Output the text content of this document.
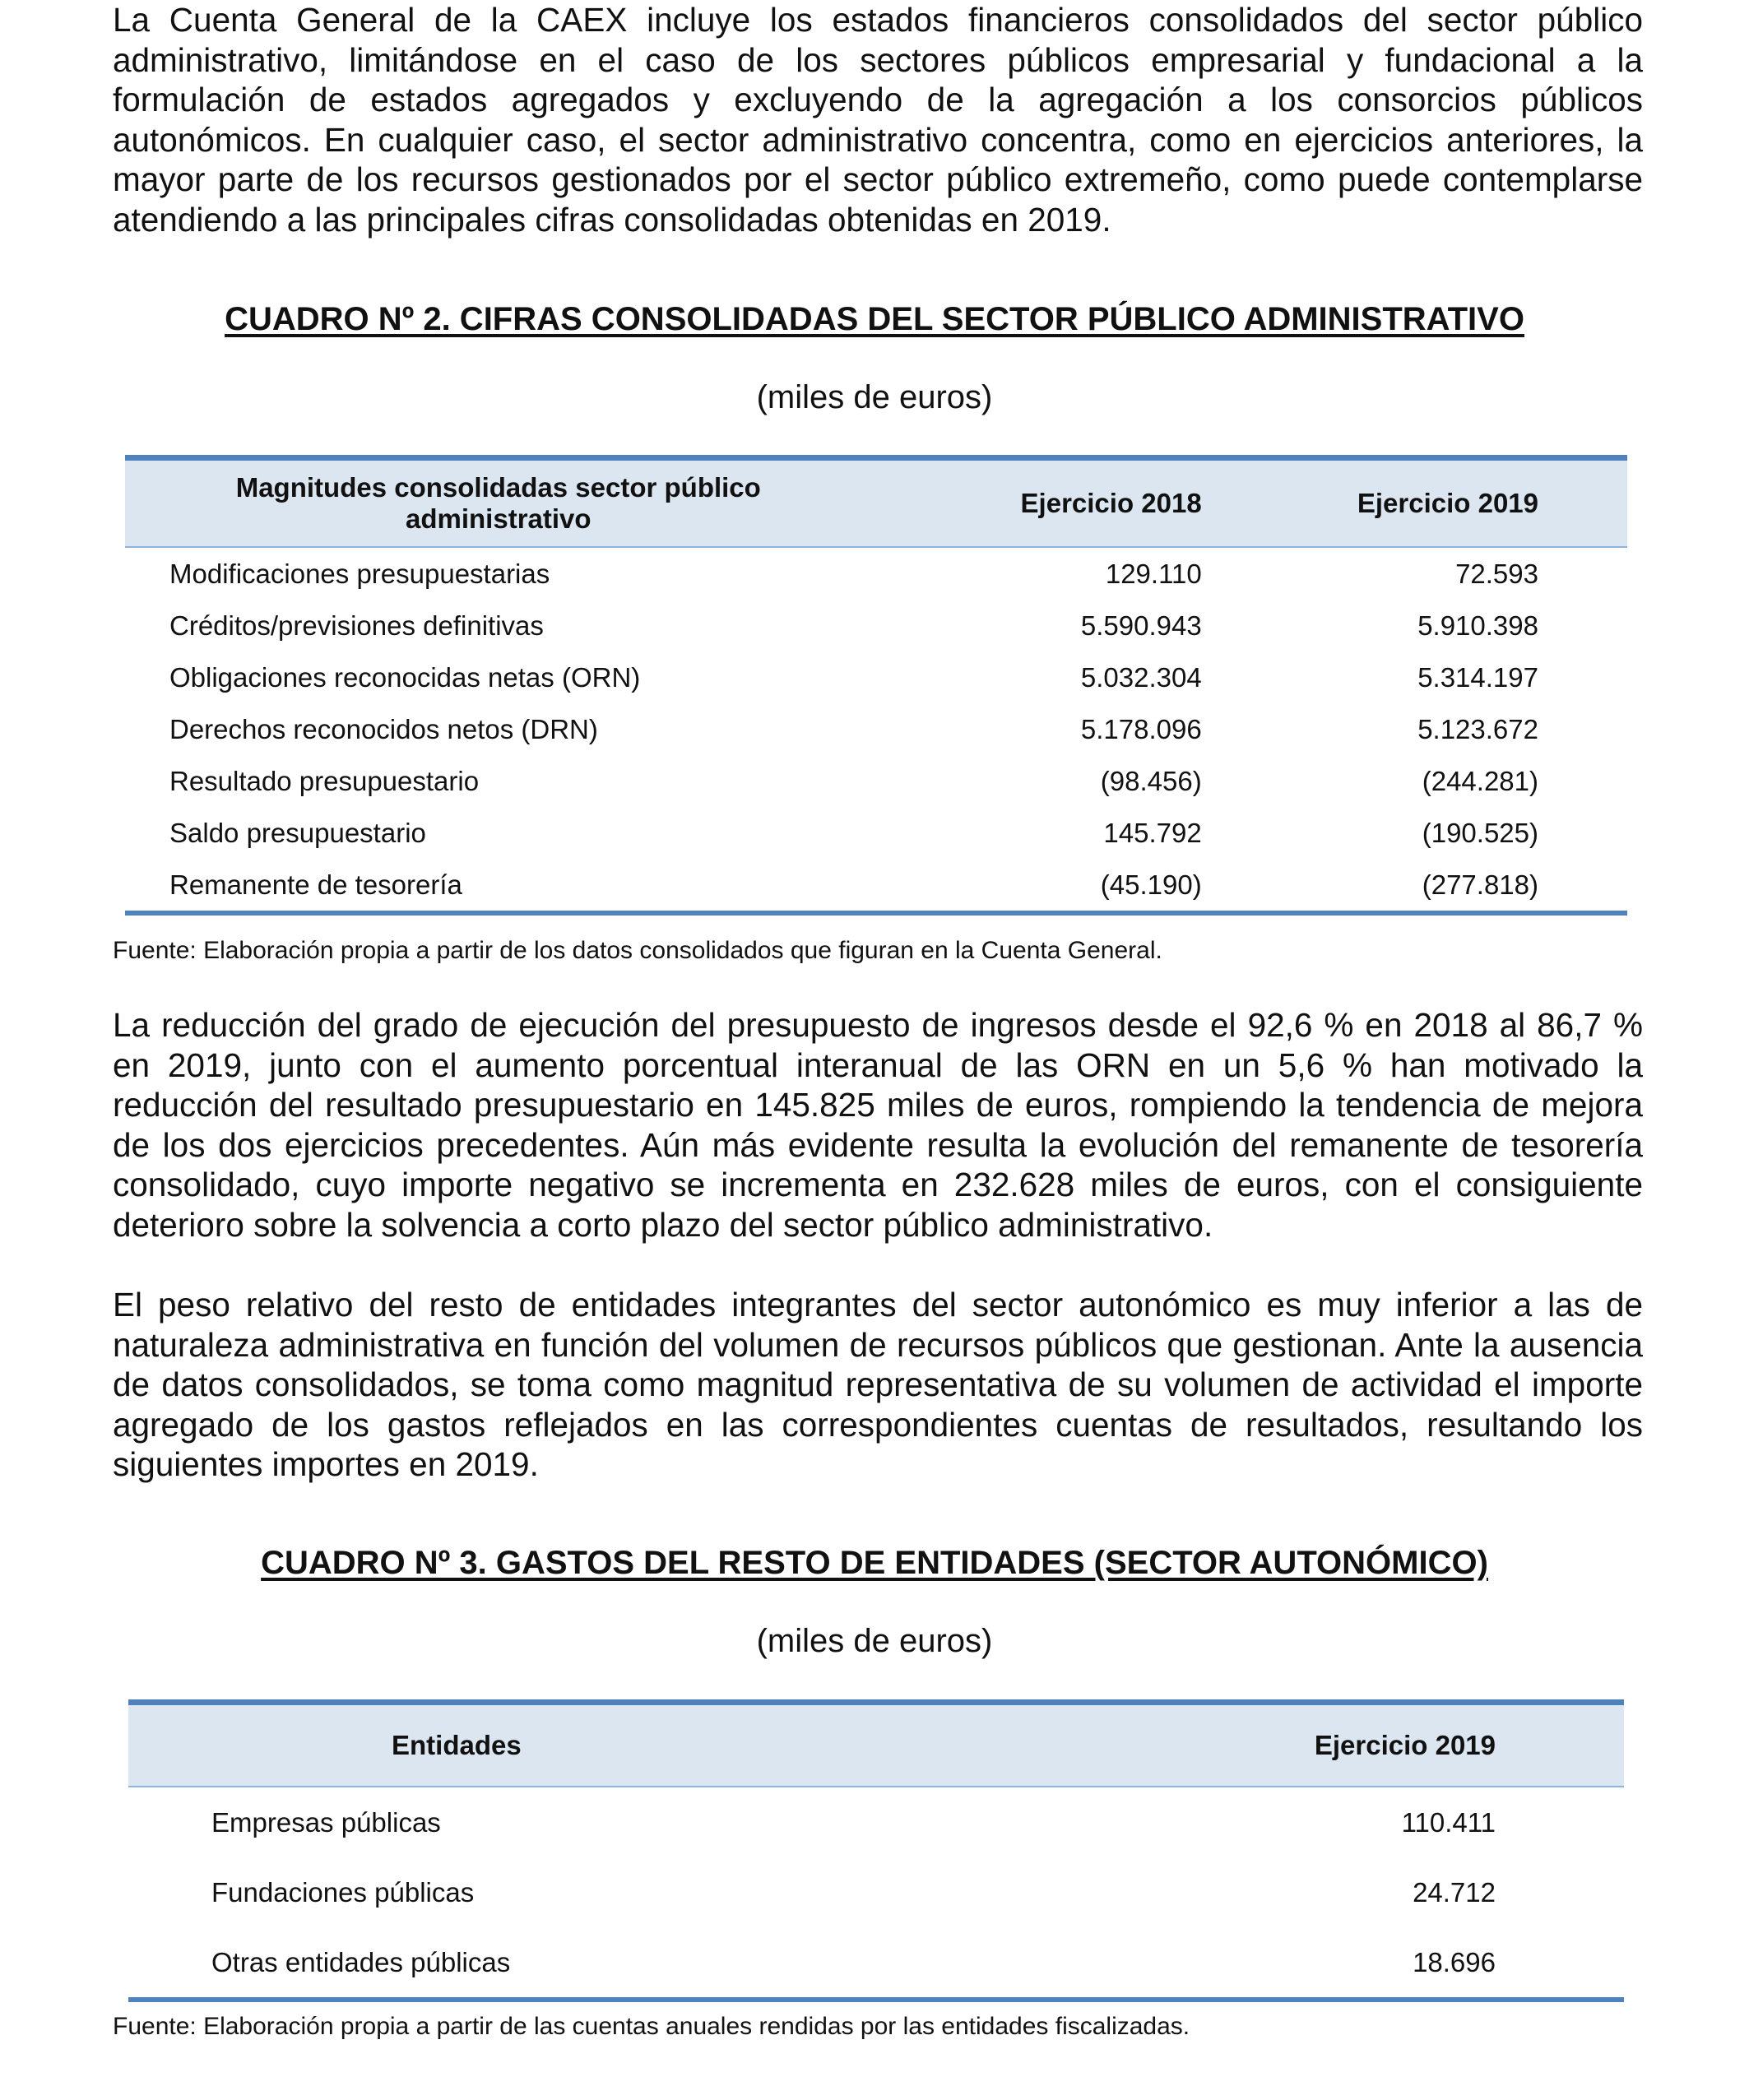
La Cuenta General de la CAEX incluye los estados financieros consolidados del sector público administrativo, limitándose en el caso de los sectores públicos empresarial y fundacional a la formulación de estados agregados y excluyendo de la agregación a los consorcios públicos autonómicos. En cualquier caso, el sector administrativo concentra, como en ejercicios anteriores, la mayor parte de los recursos gestionados por el sector público extremeño, como puede contemplarse atendiendo a las principales cifras consolidadas obtenidas en 2019.

CUADRO Nº 2. CIFRAS CONSOLIDADAS DEL SECTOR PÚBLICO ADMINISTRATIVO

(miles de euros)

Magnitudes consolidadas sector público administrativo	Ejercicio 2018	Ejercicio 2019
Modificaciones presupuestarias	129.110	72.593
Créditos/previsiones definitivas	5.590.943	5.910.398
Obligaciones reconocidas netas (ORN)	5.032.304	5.314.197
Derechos reconocidos netos (DRN)	5.178.096	5.123.672
Resultado presupuestario	(98.456)	(244.281)
Saldo presupuestario	145.792	(190.525)
Remanente de tesorería	(45.190)	(277.818)

Fuente: Elaboración propia a partir de los datos consolidados que figuran en la Cuenta General.

La reducción del grado de ejecución del presupuesto de ingresos desde el 92,6 % en 2018 al 86,7 % en 2019, junto con el aumento porcentual interanual de las ORN en un 5,6 % han motivado la reducción del resultado presupuestario en 145.825 miles de euros, rompiendo la tendencia de mejora de los dos ejercicios precedentes. Aún más evidente resulta la evolución del remanente de tesorería consolidado, cuyo importe negativo se incrementa en 232.628 miles de euros, con el consiguiente deterioro sobre la solvencia a corto plazo del sector público administrativo.

El peso relativo del resto de entidades integrantes del sector autonómico es muy inferior a las de naturaleza administrativa en función del volumen de recursos públicos que gestionan. Ante la ausencia de datos consolidados, se toma como magnitud representativa de su volumen de actividad el importe agregado de los gastos reflejados en las correspondientes cuentas de resultados, resultando los siguientes importes en 2019.

CUADRO Nº 3. GASTOS DEL RESTO DE ENTIDADES (SECTOR AUTONÓMICO)

(miles de euros)

Entidades	Ejercicio 2019
Empresas públicas	110.411
Fundaciones públicas	24.712
Otras entidades públicas	18.696

Fuente: Elaboración propia a partir de las cuentas anuales rendidas por las entidades fiscalizadas.
